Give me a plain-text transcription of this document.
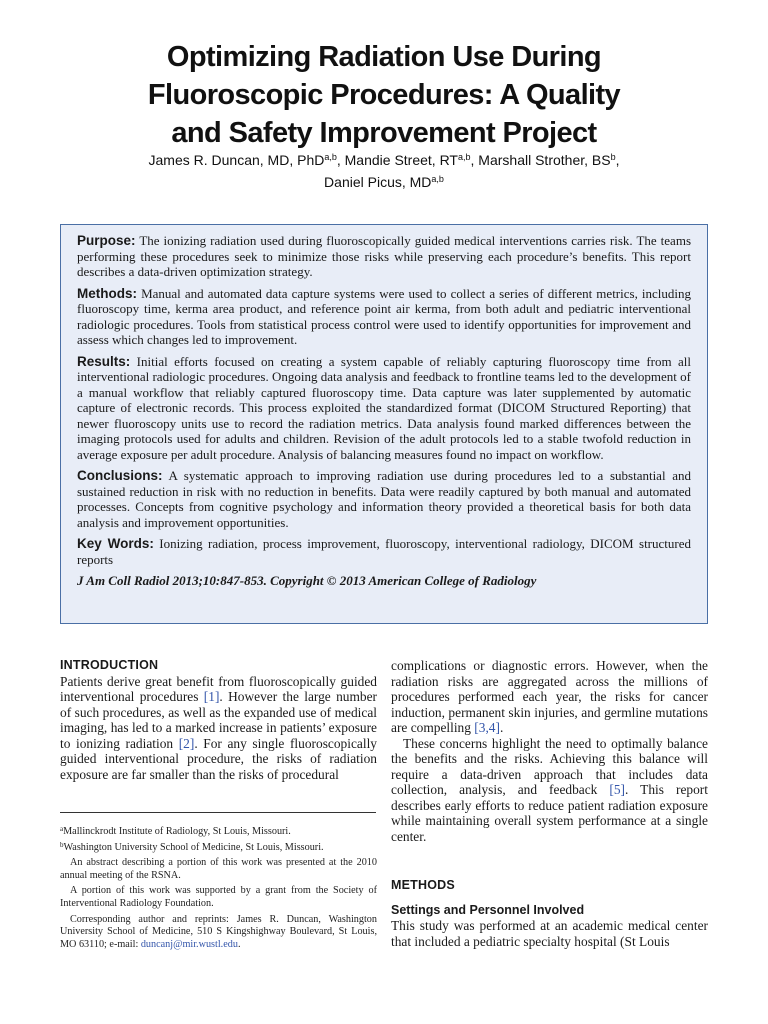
Optimizing Radiation Use During
Fluoroscopic Procedures: A Quality
and Safety Improvement Project
James R. Duncan, MD, PhD$^{a,b}$, Mandie Street, RT$^{a,b}$, Marshall Strother, $BS^b$,
Daniel Picus, MD$^{a,b}$

Purpose: The ionizing radiation used during fluoroscopically guided medical interventions carries risk. The teams performing these procedures seek to minimize those risks while preserving each procedure’s benefits. This report describes a data-driven optimization strategy.

Methods: Manual and automated data capture systems were used to collect a series of different metrics, including fluoroscopy time, kerma area product, and reference point air kerma, from both adult and pediatric interventional radiologic procedures. Tools from statistical process control were used to identify opportunities for improvement and assess which changes led to improvement.

Results: Initial efforts focused on creating a system capable of reliably capturing fluoroscopy time from all interventional radiologic procedures. Ongoing data analysis and feedback to frontline teams led to the development of a manual workflow that reliably captured fluoroscopy time. Data capture was later supplemented by automatic capture of electronic records. This process exploited the standardized format (DICOM Structured Reporting) that newer fluoroscopy units use to record the radiation metrics. Data analysis found marked differences between the imaging protocols used for adults and children. Revision of the adult protocols led to a stable twofold reduction in average exposure per adult procedure. Analysis of balancing measures found no impact on workflow.

Conclusions: A systematic approach to improving radiation use during procedures led to a substantial and sustained reduction in risk with no reduction in benefits. Data were readily captured by both manual and automated processes. Concepts from cognitive psychology and information theory provided a theoretical basis for both data analysis and improvement opportunities.

Key Words: Ionizing radiation, process improvement, fluoroscopy, interventional radiology, DICOM structured reports

J Am Coll Radiol 2013;10:847-853. Copyright © 2013 American College of Radiology

INTRODUCTION

Patients derive great benefit from fluoroscopically guided interventional procedures [1]. However the large number of such procedures, as well as the expanded use of medical imaging, has led to a marked increase in patients’ exposure to ionizing radiation [2]. For any single fluoroscopically guided interventional procedure, the risks of radiation exposure are far smaller than the risks of procedural

$^a$Mallinckrodt Institute of Radiology, St Louis, Missouri.

$^b$Washington University School of Medicine, St Louis, Missouri.

An abstract describing a portion of this work was presented at the 2010 annual meeting of the RSNA.

A portion of this work was supported by a grant from the Society of Interventional Radiology Foundation.

Corresponding author and reprints: James R. Duncan, Washington University School of Medicine, 510 S Kingshighway Boulevard, St Louis, MO 63110; e-mail: duncanj@mir.wustl.edu.

complications or diagnostic errors. However, when the radiation risks are aggregated across the millions of procedures performed each year, the risks for cancer induction, permanent skin injuries, and germline mutations are compelling [3,4].

These concerns highlight the need to optimally balance the benefits and the risks. Achieving this balance will require a data-driven approach that includes data collection, analysis, and feedback [5]. This report describes early efforts to reduce patient radiation exposure while maintaining overall system performance at a single center.

METHODS

Settings and Personnel Involved

This study was performed at an academic medical center that included a pediatric specialty hospital (St Louis
